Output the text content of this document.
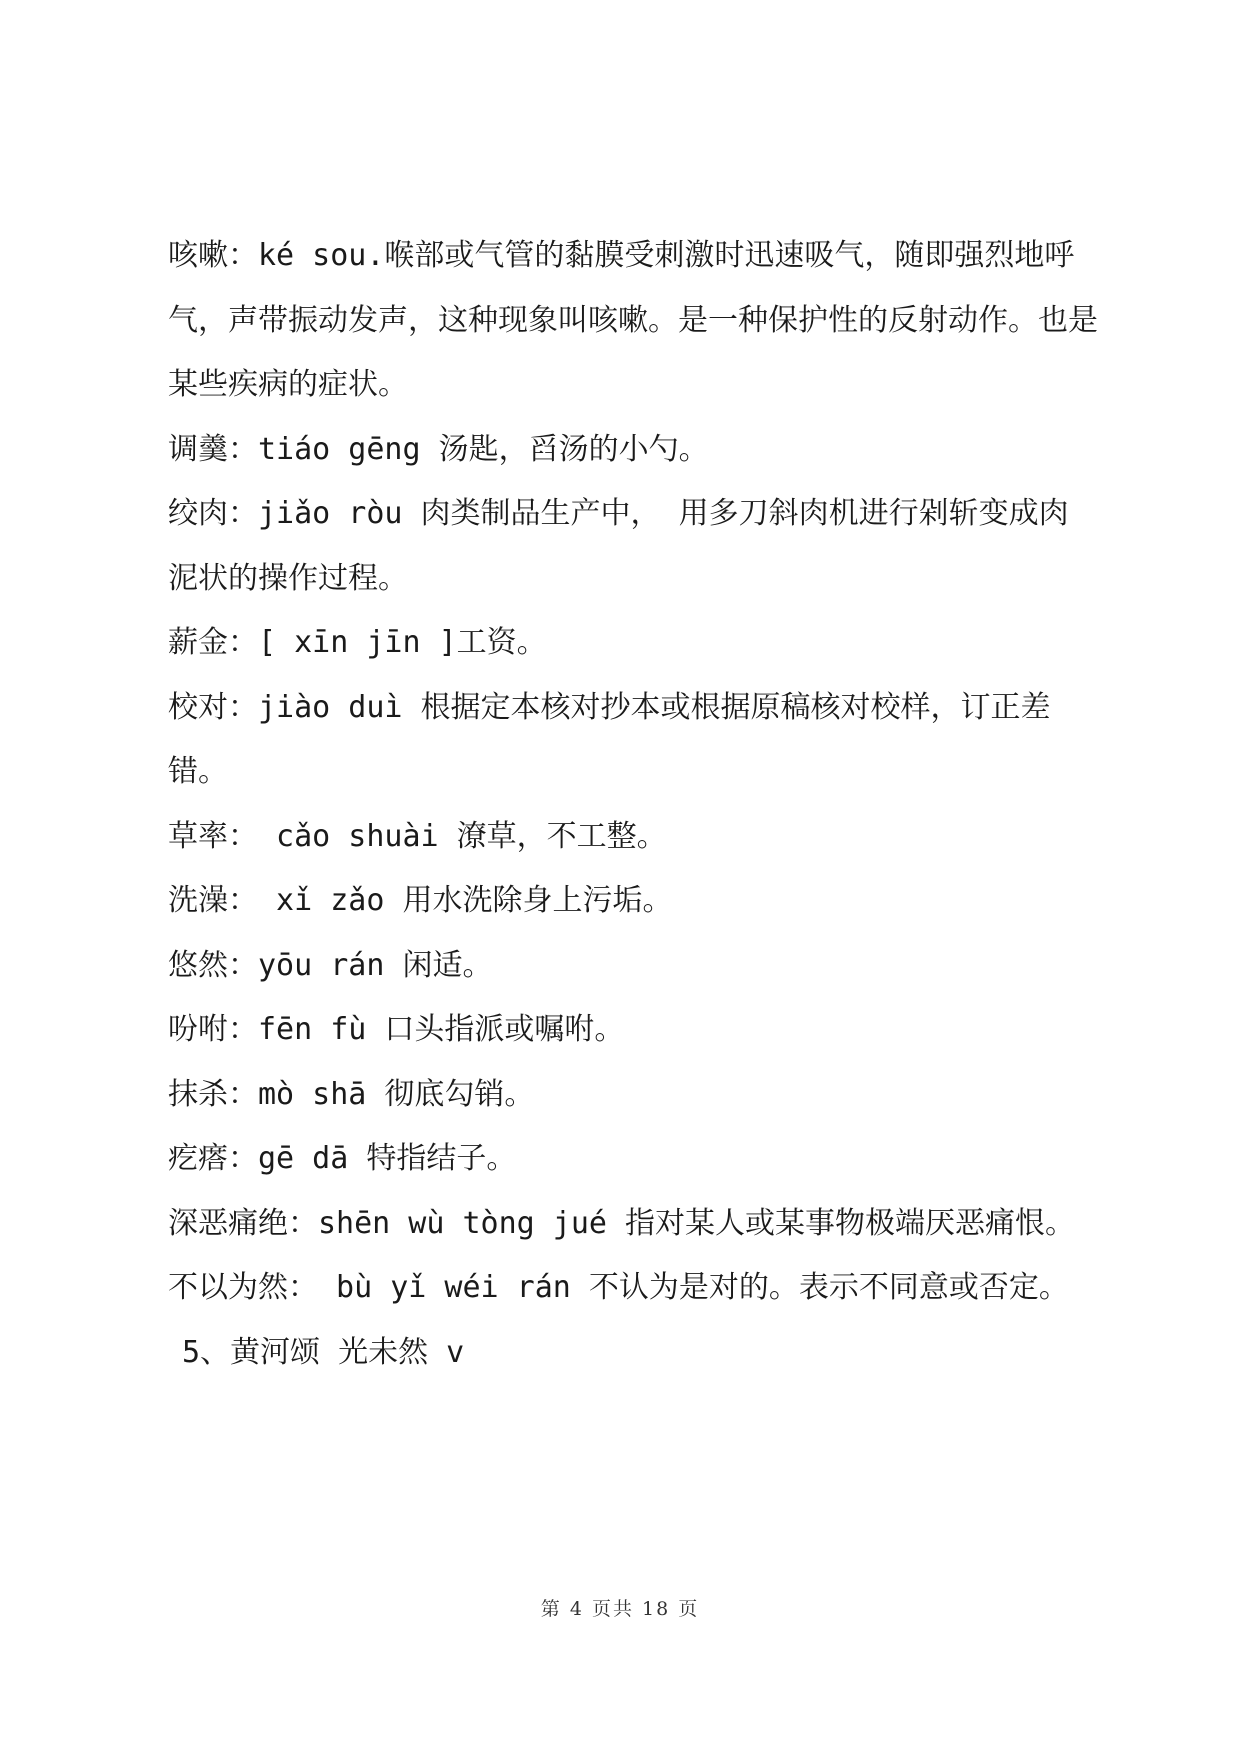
咳嗽：ké sou.喉部或气管的黏膜受刺激时迅速吸气，随即强烈地呼气，声带振动发声，这种现象叫咳嗽。是一种保护性的反射动作。也是某些疾病的症状。

调羹：tiáo gēng 汤匙，舀汤的小勺。

绞肉：jiǎo ròu 肉类制品生产中， 用多刀斜肉机进行剁斩变成肉泥状的操作过程。

薪金：[ xīn jīn ]工资。

校对：jiào duì 根据定本核对抄本或根据原稿核对校样，订正差错。

草率： cǎo shuài 潦草，不工整。

洗澡： xǐ zǎo 用水洗除身上污垢。

悠然：yōu rán 闲适。

吩咐：fēn fù 口头指派或嘱咐。

抹杀：mò shā 彻底勾销。

疙瘩：gē dā 特指结子。

深恶痛绝：shēn wù tòng jué 指对某人或某事物极端厌恶痛恨。

不以为然： bù yǐ wéi rán 不认为是对的。表示不同意或否定。

5、黄河颂 光未然 v

第 4 页共 18 页
